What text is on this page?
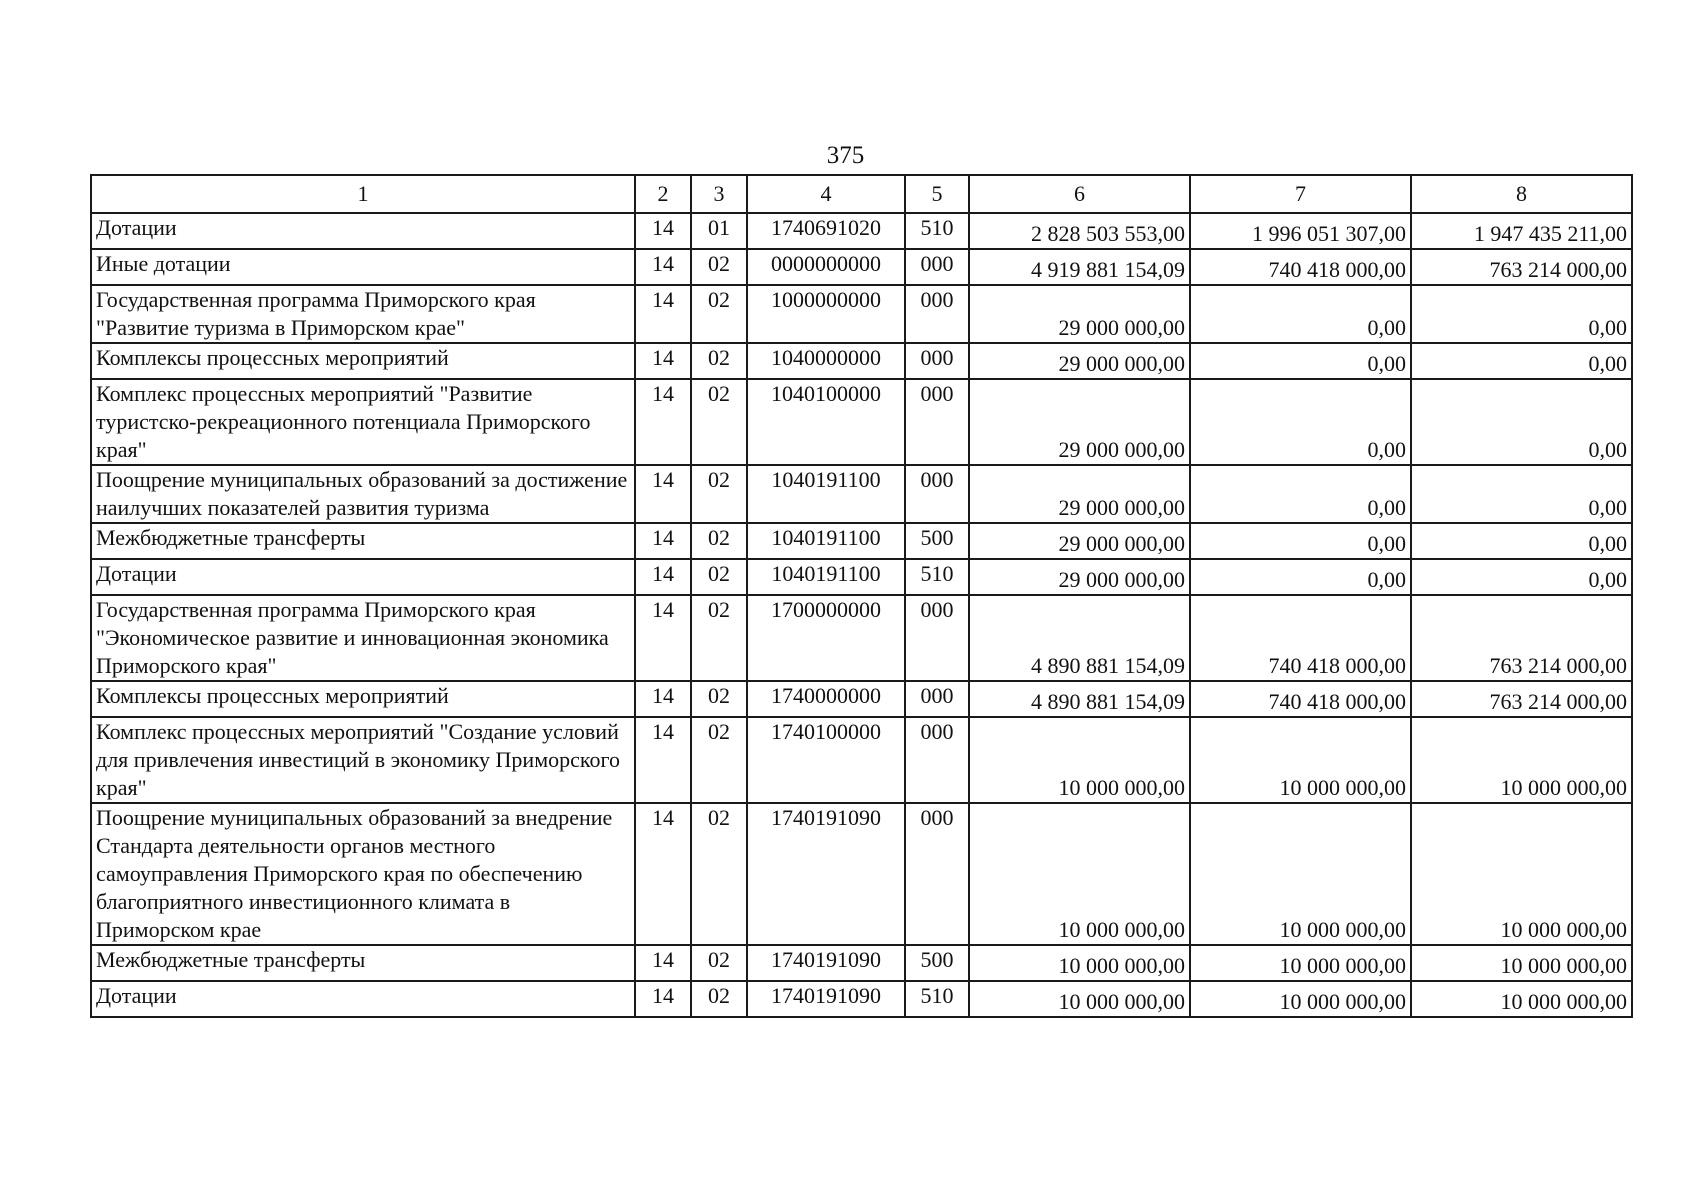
375
1	2	3	4	5	6	7	8
Дотации	14	01	1740691020	510	2 828 503 553,00	1 996 051 307,00	1 947 435 211,00
Иные дотации	14	02	0000000000	000	4 919 881 154,09	740 418 000,00	763 214 000,00
Государственная программа Приморского края "Развитие туризма в Приморском крае"	14	02	1000000000	000	29 000 000,00	0,00	0,00
Комплексы процессных мероприятий	14	02	1040000000	000	29 000 000,00	0,00	0,00
Комплекс процессных мероприятий "Развитие туристско-рекреационного потенциала Приморского края"	14	02	1040100000	000	29 000 000,00	0,00	0,00
Поощрение муниципальных образований за достижение наилучших показателей развития туризма	14	02	1040191100	000	29 000 000,00	0,00	0,00
Межбюджетные трансферты	14	02	1040191100	500	29 000 000,00	0,00	0,00
Дотации	14	02	1040191100	510	29 000 000,00	0,00	0,00
Государственная программа Приморского края "Экономическое развитие и инновационная экономика Приморского края"	14	02	1700000000	000	4 890 881 154,09	740 418 000,00	763 214 000,00
Комплексы процессных мероприятий	14	02	1740000000	000	4 890 881 154,09	740 418 000,00	763 214 000,00
Комплекс процессных мероприятий "Создание условий для привлечения инвестиций в экономику Приморского края"	14	02	1740100000	000	10 000 000,00	10 000 000,00	10 000 000,00
Поощрение муниципальных образований за внедрение Стандарта деятельности органов местного самоуправления Приморского края по обеспечению благоприятного инвестиционного климата в Приморском крае	14	02	1740191090	000	10 000 000,00	10 000 000,00	10 000 000,00
Межбюджетные трансферты	14	02	1740191090	500	10 000 000,00	10 000 000,00	10 000 000,00
Дотации	14	02	1740191090	510	10 000 000,00	10 000 000,00	10 000 000,00
